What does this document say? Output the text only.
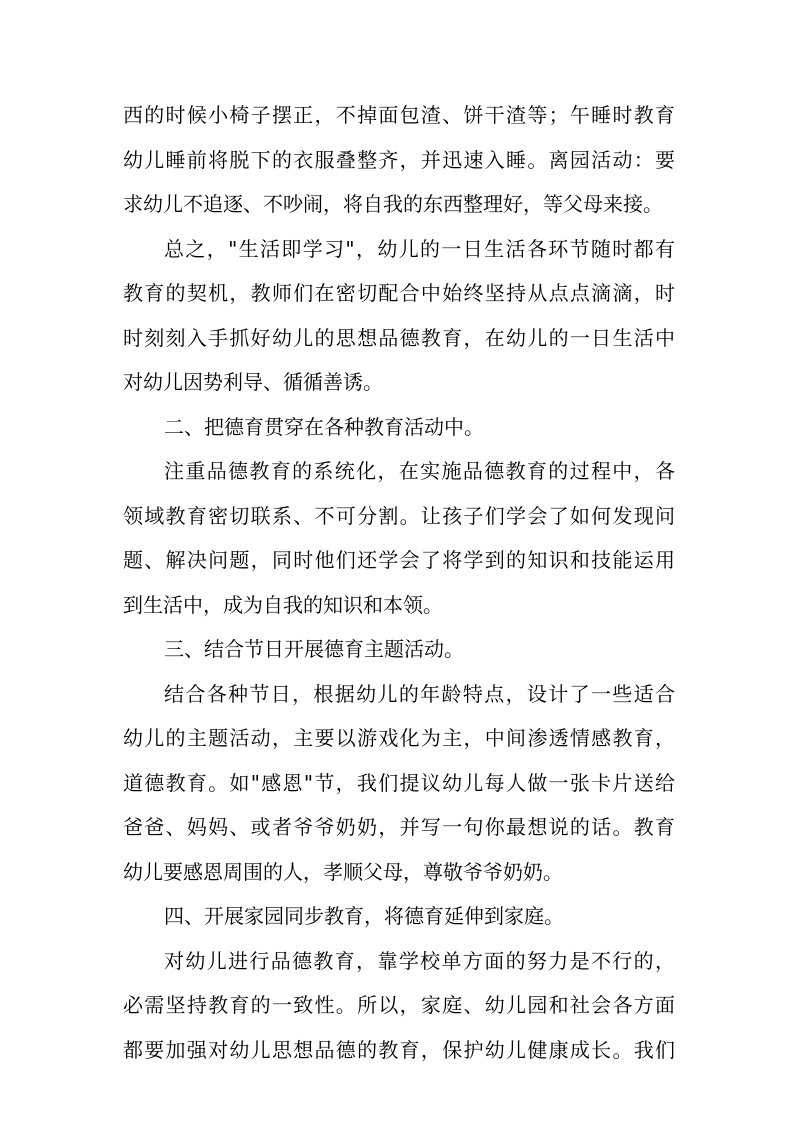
西的时候小椅子摆正，不掉面包渣、饼干渣等；午睡时教育
幼儿睡前将脱下的衣服叠整齐，并迅速入睡。离园活动：要
求幼儿不追逐、不吵闹，将自我的东西整理好，等父母来接。
总之，"生活即学习"，幼儿的一日生活各环节随时都有
教育的契机，教师们在密切配合中始终坚持从点点滴滴，时
时刻刻入手抓好幼儿的思想品德教育，在幼儿的一日生活中
对幼儿因势利导、循循善诱。
二、把德育贯穿在各种教育活动中。
注重品德教育的系统化，在实施品德教育的过程中，各
领域教育密切联系、不可分割。让孩子们学会了如何发现问
题、解决问题，同时他们还学会了将学到的知识和技能运用
到生活中，成为自我的知识和本领。
三、结合节日开展德育主题活动。
结合各种节日，根据幼儿的年龄特点，设计了一些适合
幼儿的主题活动，主要以游戏化为主，中间渗透情感教育，
道德教育。如"感恩"节，我们提议幼儿每人做一张卡片送给
爸爸、妈妈、或者爷爷奶奶，并写一句你最想说的话。教育
幼儿要感恩周围的人，孝顺父母，尊敬爷爷奶奶。
四、开展家园同步教育，将德育延伸到家庭。
对幼儿进行品德教育，靠学校单方面的努力是不行的，
必需坚持教育的一致性。所以，家庭、幼儿园和社会各方面
都要加强对幼儿思想品德的教育，保护幼儿健康成长。我们
